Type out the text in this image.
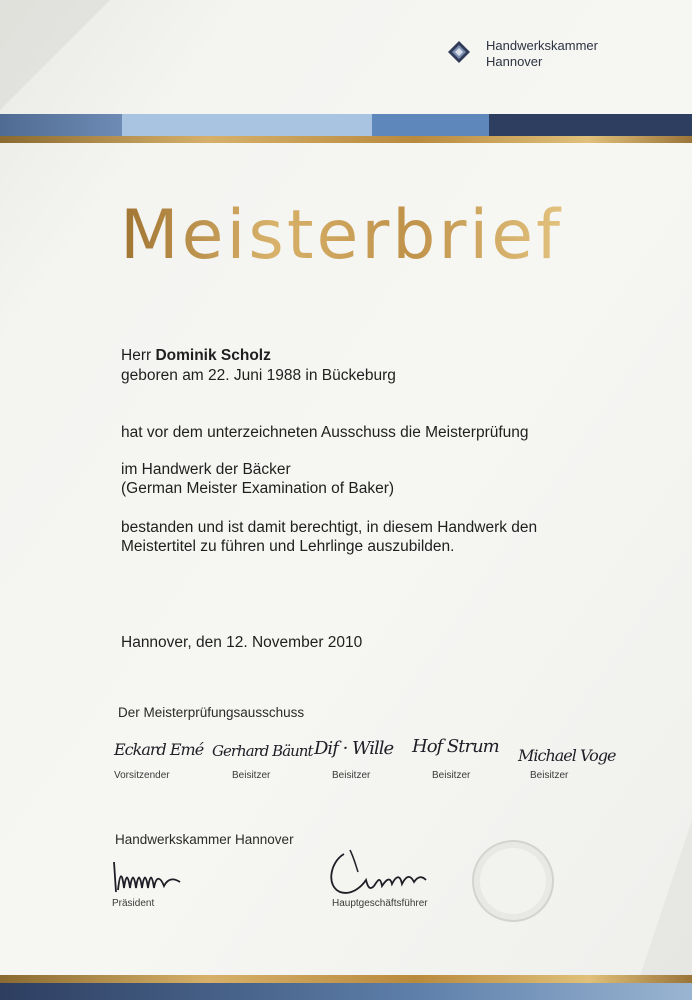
Handwerkskammer
Hannover
Meisterbrief
Herr Dominik Scholz
geboren am 22. Juni 1988 in Bückeburg
hat vor dem unterzeichneten Ausschuss die Meisterprüfung
im Handwerk der Bäcker
(German Meister Examination of Baker)
bestanden und ist damit berechtigt, in diesem Handwerk den
Meistertitel zu führen und Lehrlinge auszubilden.
Hannover, den 12. November 2010
Der Meisterprüfungsausschuss
Eckard Emé Gerhard Bäunt Dif · Wille Hof Strum Michael Voge
Vorsitzender	Beisitzer	Beisitzer	Beisitzer	Beisitzer
Handwerkskammer Hannover
Präsident	Hauptgeschäftsführer
